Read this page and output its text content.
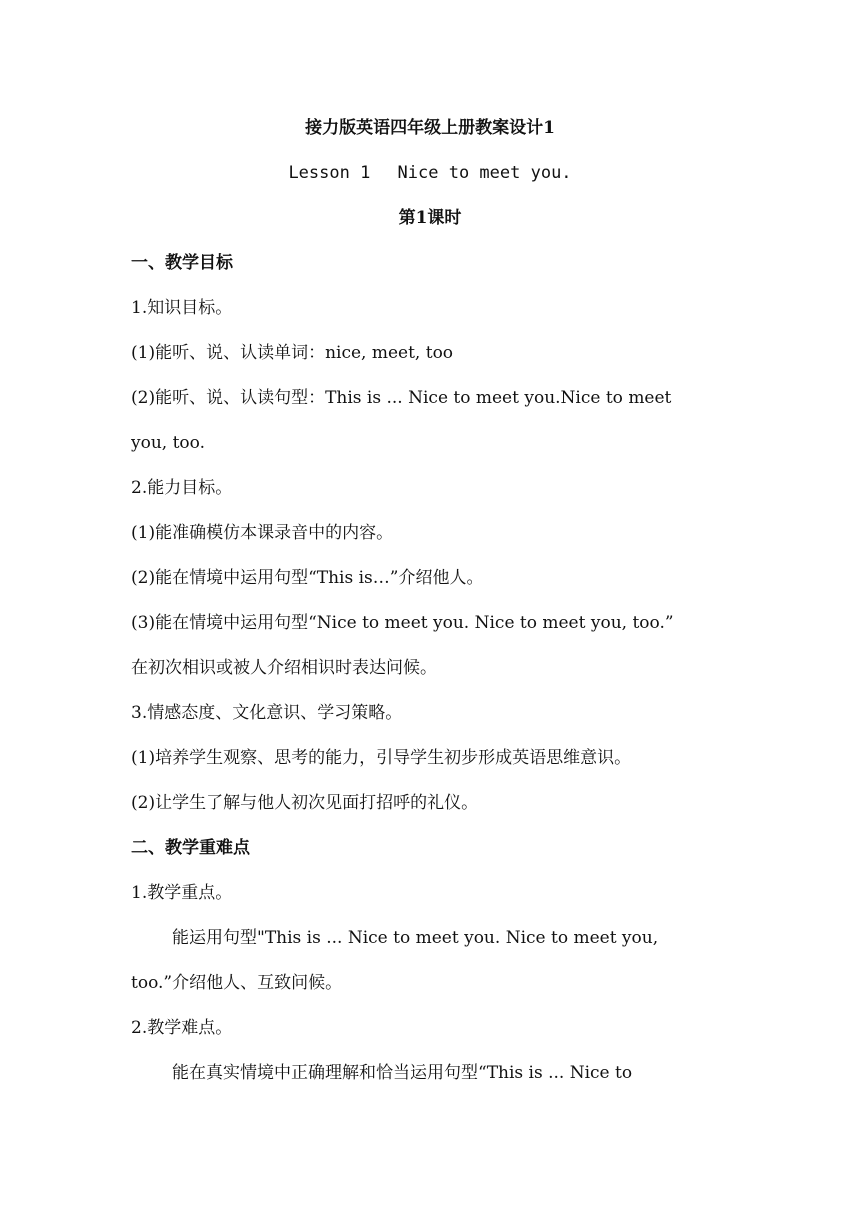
接力版英语四年级上册教案设计1
Lesson 1　 Nice to meet you.
第1课时
一、教学目标
1.知识目标。
(1)能听、说、认读单词：nice, meet, too
(2)能听、说、认读句型：This is ... Nice to meet you.Nice to meet
you, too.
2.能力目标。
(1)能准确模仿本课录音中的内容。
(2)能在情境中运用句型“This is…”介绍他人。
(3)能在情境中运用句型“Nice to meet you. Nice to meet you, too.”
在初次相识或被人介绍相识时表达问候。
3.情感态度、文化意识、学习策略。
(1)培养学生观察、思考的能力，引导学生初步形成英语思维意识。
(2)让学生了解与他人初次见面打招呼的礼仪。
二、教学重难点
1.教学重点。
能运用句型"This is ... Nice to meet you. Nice to meet you,
too.”介绍他人、互致问候。
2.教学难点。
能在真实情境中正确理解和恰当运用句型“This is ... Nice to
